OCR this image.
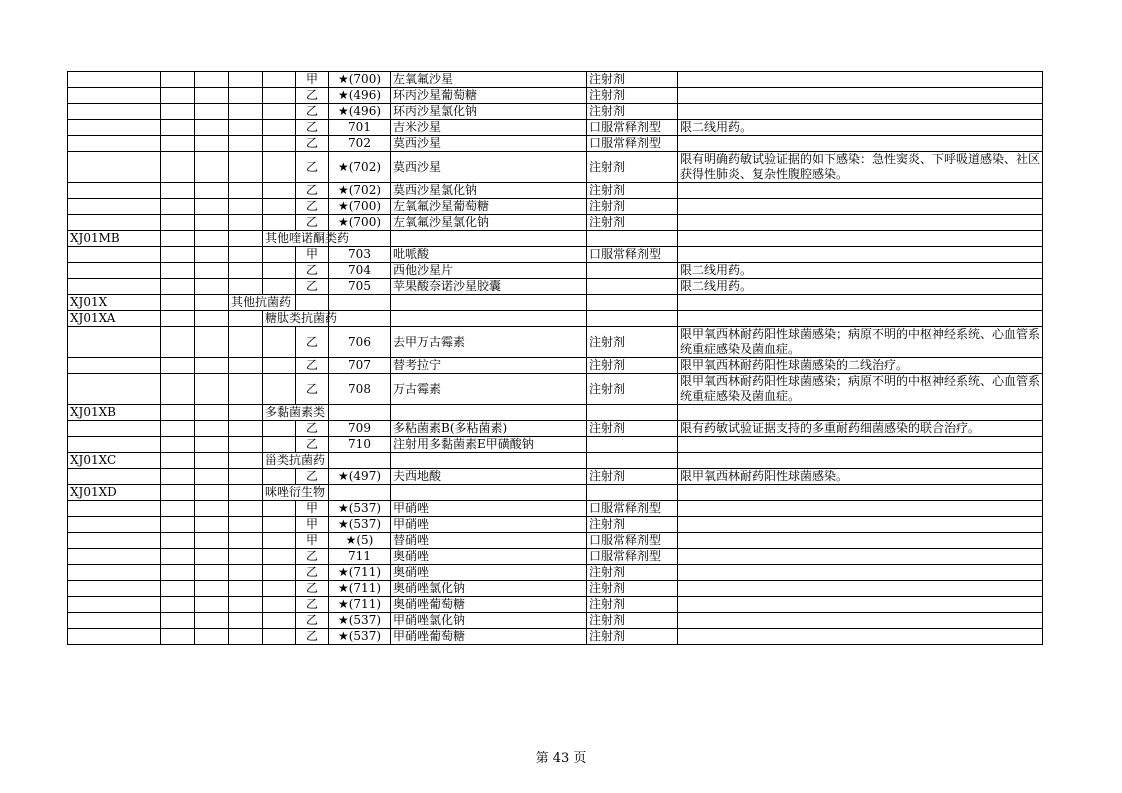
					甲	★(700)	左氧氟沙星	注射剂	
					乙	★(496)	环丙沙星葡萄糖	注射剂	
					乙	★(496)	环丙沙星氯化钠	注射剂	
					乙	701	吉米沙星	口服常释剂型	限二线用药。
					乙	702	莫西沙星	口服常释剂型	
					乙	★(702)	莫西沙星	注射剂	限有明确药敏试验证据的如下感染：急性窦炎、下呼吸道感染、社区获得性肺炎、复杂性腹腔感染。
					乙	★(702)	莫西沙星氯化钠	注射剂	
					乙	★(700)	左氧氟沙星葡萄糖	注射剂	
					乙	★(700)	左氧氟沙星氯化钠	注射剂	
XJ01MB				其他喹诺酮类药					
					甲	703	吡哌酸	口服常释剂型	
					乙	704	西他沙星片		限二线用药。
					乙	705	苹果酸奈诺沙星胶囊		限二线用药。
XJ01X			其他抗菌药						
XJ01XA				糖肽类抗菌药					
					乙	706	去甲万古霉素	注射剂	限甲氧西林耐药阳性球菌感染；病原不明的中枢神经系统、心血管系统重症感染及菌血症。
					乙	707	替考拉宁	注射剂	限甲氧西林耐药阳性球菌感染的二线治疗。
					乙	708	万古霉素	注射剂	限甲氧西林耐药阳性球菌感染；病原不明的中枢神经系统、心血管系统重症感染及菌血症。
XJ01XB				多黏菌素类					
					乙	709	多粘菌素B(多粘菌素)	注射剂	限有药敏试验证据支持的多重耐药细菌感染的联合治疗。
					乙	710	注射用多黏菌素E甲磺酸钠		
XJ01XC				甾类抗菌药					
					乙	★(497)	夫西地酸	注射剂	限甲氧西林耐药阳性球菌感染。
XJ01XD				咪唑衍生物					
					甲	★(537)	甲硝唑	口服常释剂型	
					甲	★(537)	甲硝唑	注射剂	
					甲	★(5)	替硝唑	口服常释剂型	
					乙	711	奥硝唑	口服常释剂型	
					乙	★(711)	奥硝唑	注射剂	
					乙	★(711)	奥硝唑氯化钠	注射剂	
					乙	★(711)	奥硝唑葡萄糖	注射剂	
					乙	★(537)	甲硝唑氯化钠	注射剂	
					乙	★(537)	甲硝唑葡萄糖	注射剂	
第 43 页
